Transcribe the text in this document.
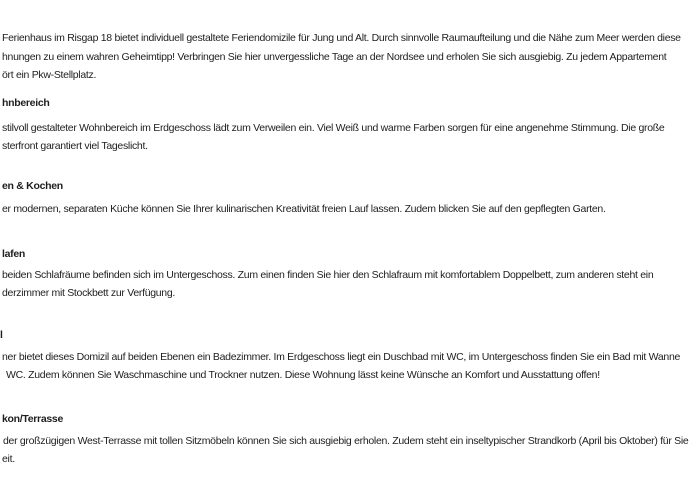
Ferienhaus im Risgap 18 bietet individuell gestaltete Feriendomizile für Jung und Alt. Durch sinnvolle Raumaufteilung und die Nähe zum Meer werden diese
hnungen zu einem wahren Geheimtipp! Verbringen Sie hier unvergessliche Tage an der Nordsee und erholen Sie sich ausgiebig. Zu jedem Appartement
ört ein Pkw-Stellplatz.
hnbereich
stilvoll gestalteter Wohnbereich im Erdgeschoss lädt zum Verweilen ein. Viel Weiß und warme Farben sorgen für eine angenehme Stimmung. Die große
sterfront garantiert viel Tageslicht.
en & Kochen
er modernen, separaten Küche können Sie Ihrer kulinarischen Kreativität freien Lauf lassen. Zudem blicken Sie auf den gepflegten Garten.
lafen
beiden Schlafräume befinden sich im Untergeschoss. Zum einen finden Sie hier den Schlafraum mit komfortablem Doppelbett, zum anderen steht ein
derzimmer mit Stockbett zur Verfügung.
l
ner bietet dieses Domizil auf beiden Ebenen ein Badezimmer. Im Erdgeschoss liegt ein Duschbad mit WC, im Untergeschoss finden Sie ein Bad mit Wanne
WC. Zudem können Sie Waschmaschine und Trockner nutzen. Diese Wohnung lässt keine Wünsche an Komfort und Ausstattung offen!
kon/Terrasse
der großzügigen West-Terrasse mit tollen Sitzmöbeln können Sie sich ausgiebig erholen. Zudem steht ein inseltypischer Strandkorb (April bis Oktober) für Sie
eit.
